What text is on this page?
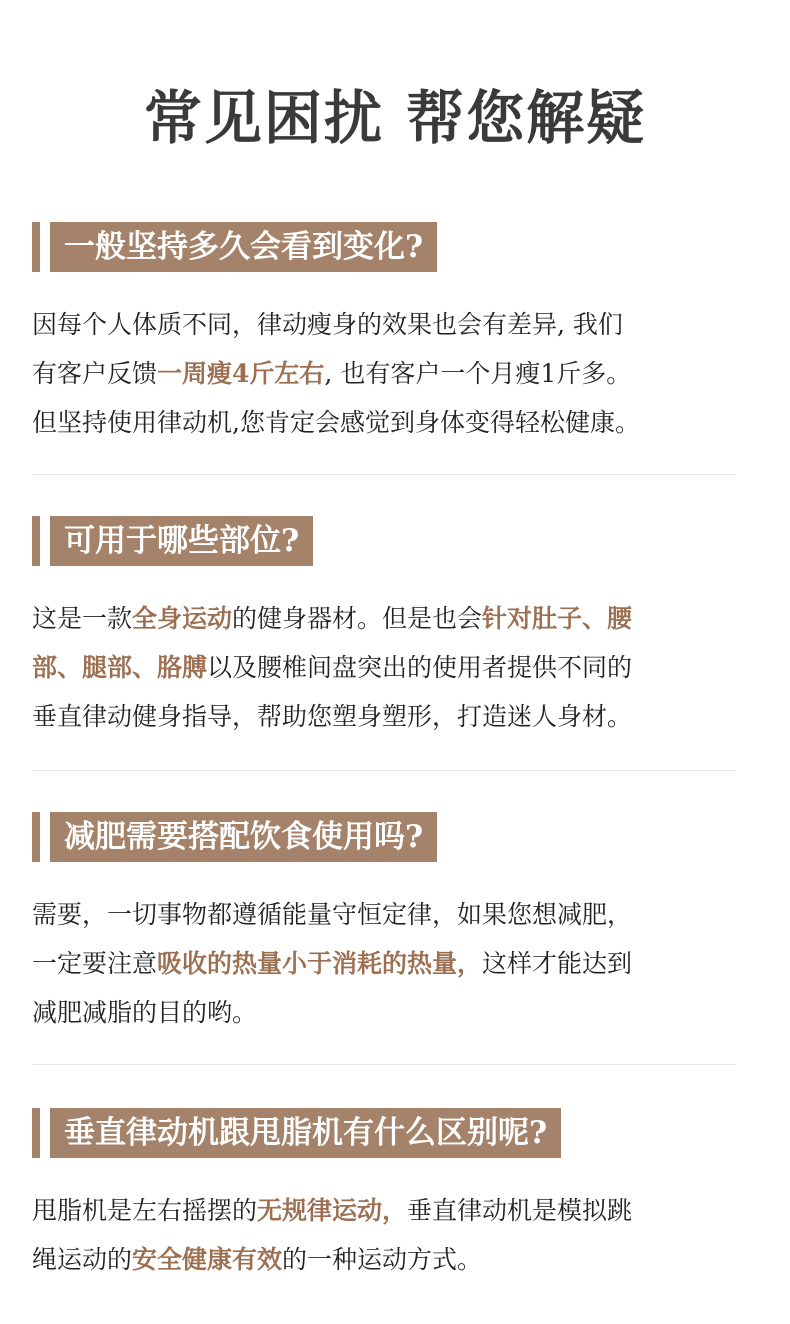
常见困扰 帮您解疑
一般坚持多久会看到变化?

因每个人体质不同，律动瘦身的效果也会有差异, 我们
有客户反馈一周瘦4斤左右, 也有客户一个月瘦1斤多。
但坚持使用律动机,您肯定会感觉到身体变得轻松健康。

可用于哪些部位?

这是一款全身运动的健身器材。但是也会针对肚子、腰
部、腿部、胳膊以及腰椎间盘突出的使用者提供不同的
垂直律动健身指导，帮助您塑身塑形，打造迷人身材。

减肥需要搭配饮食使用吗?

需要，一切事物都遵循能量守恒定律，如果您想减肥，
一定要注意吸收的热量小于消耗的热量，这样才能达到
减肥减脂的目的哟。

垂直律动机跟甩脂机有什么区别呢?

甩脂机是左右摇摆的无规律运动，垂直律动机是模拟跳
绳运动的安全健康有效的一种运动方式。
